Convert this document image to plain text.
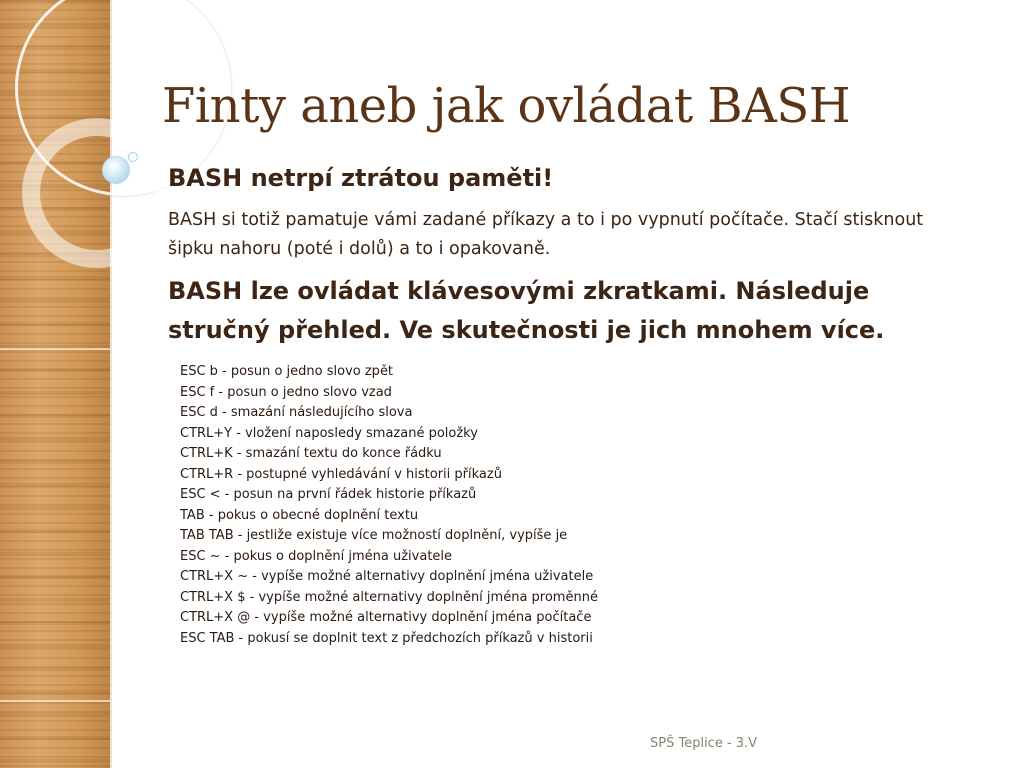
Finty aneb jak ovládat BASH

BASH netrpí ztrátou paměti!

BASH si totiž pamatuje vámi zadané příkazy a to i po vypnutí počítače. Stačí stisknout šipku nahoru (poté i dolů) a to i opakovaně.

BASH lze ovládat klávesovými zkratkami. Následuje stručný přehled. Ve skutečnosti je jich mnohem více.

ESC b - posun o jedno slovo zpět
ESC f - posun o jedno slovo vzad
ESC d - smazání následujícího slova
CTRL+Y - vložení naposledy smazané položky
CTRL+K - smazání textu do konce řádku
CTRL+R - postupné vyhledávání v historii příkazů
ESC < - posun na první řádek historie příkazů
TAB - pokus o obecné doplnění textu
TAB TAB - jestliže existuje více možností doplnění, vypíše je
ESC ~ - pokus o doplnění jména uživatele
CTRL+X ~ - vypíše možné alternativy doplnění jména uživatele
CTRL+X $ - vypíše možné alternativy doplnění jména proměnné
CTRL+X @ - vypíše možné alternativy doplnění jména počítače
ESC TAB - pokusí se doplnit text z předchozích příkazů v historii
SPŠ Teplice - 3.V
